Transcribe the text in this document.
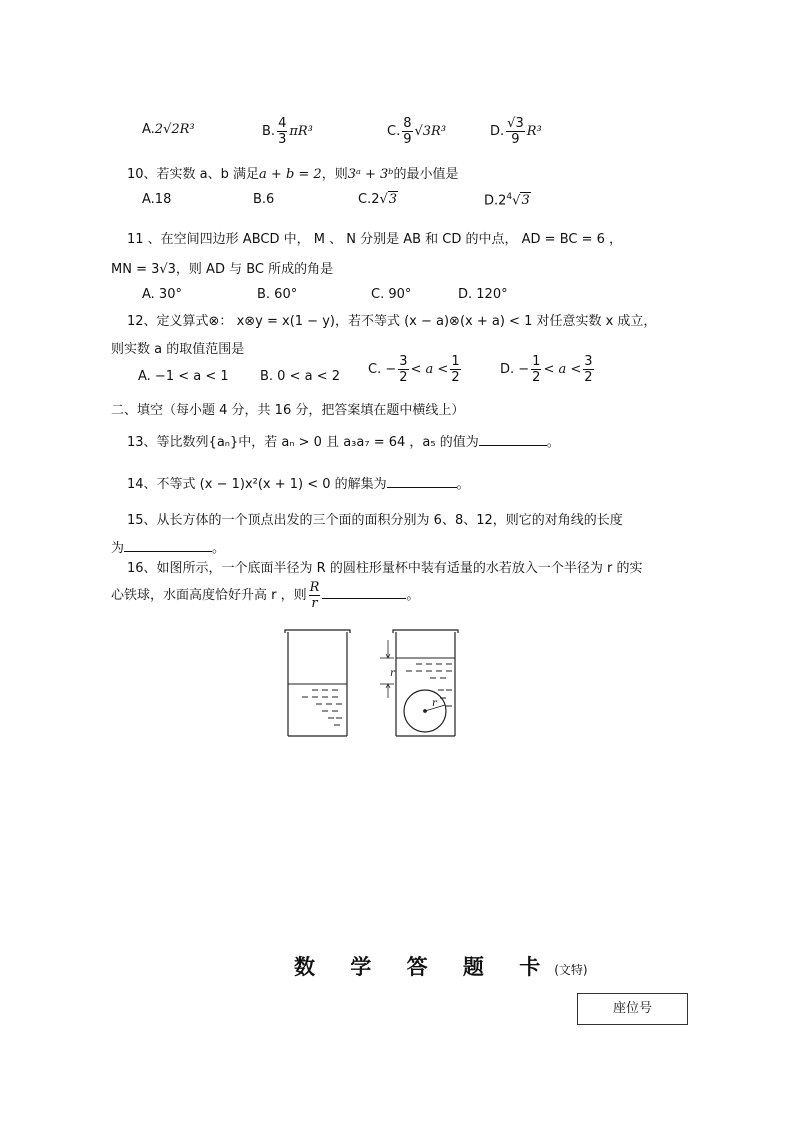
A.2√2R³	B. $\frac{4}{3} \pi R^3$	C. $\frac{8}{9} √3R^3$	D. $\frac{√3}{9} R^3$
10、若实数 a、b 满足a + b = 2，则3ᵃ + 3ᵇ的最小值是
A.18	B.6	C.2√3	$D.2^4√3$
11 、在空间四边形 ABCD 中， M 、 N 分别是 AB 和 CD 的中点， AD = BC = 6 ，
MN = 3√3，则 AD 与 BC 所成的角是
A. 30°	B. 60°	C. 90°	D. 120°
12、定义算式⊗： x⊗y = x(1 − y)，若不等式 (x − a)⊗(x + a) < 1 对任意实数 x 成立，
则实数 a 的取值范围是
A. −1 < a < 1 B. 0 < a < 2 C. − $\frac{3}{2} < a < \frac{1}{2}$	D. − $\frac{1}{2} < a < \frac{3}{2}$
二、填空（每小题 4 分，共 16 分，把答案填在题中横线上）
13、等比数列{aₙ}中，若 aₙ > 0 且 a₃a₇ = 64 ，a₅ 的值为	。
14、不等式 (x − 1)x²(x + 1) < 0 的解集为	。
15、从长方体的一个顶点出发的三个面的面积分别为 6、8、12，则它的对角线的长度
为	。
16、如图所示，一个底面半径为 R 的圆柱形量杯中装有适量的水若放入一个半径为 r 的实
心铁球，水面高度恰好升高 r ，则 $\frac{R}{r}$	。
r
r
数 学 答 题 卡(文特)
座位号
